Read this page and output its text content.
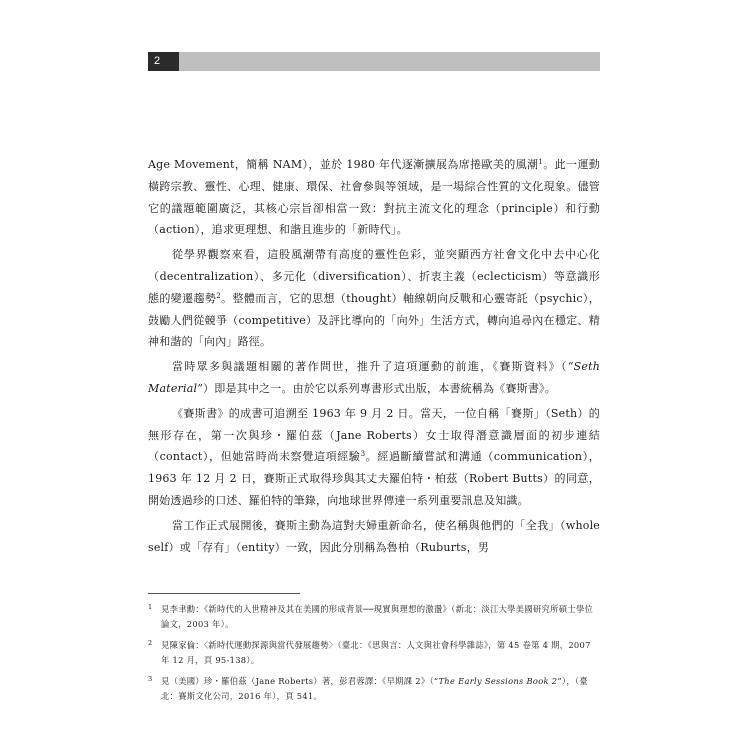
2

Age Movement，簡稱 NAM），並於 1980 年代逐漸擴展為席捲歐美的風潮$^1$。此一運動橫跨宗教、靈性、心理、健康、環保、社會參與等領域，是一場綜合性質的文化現象。儘管它的議題範圍廣泛，其核心宗旨卻相當一致：對抗主流文化的理念（principle）和行動（action），追求更理想、和諧且進步的「新時代」。

從學界觀察來看，這股風潮帶有高度的靈性色彩，並突顯西方社會文化中去中心化（decentralization）、多元化（diversification）、折衷主義（eclecticism）等意識形態的變遷趨勢$^2$。整體而言，它的思想（thought）軸線朝向反戰和心靈寄託（psychic），鼓勵人們從競爭（competitive）及評比導向的「向外」生活方式，轉向追尋內在穩定、精神和諧的「向內」路徑。

當時眾多與議題相關的著作問世，推升了這項運動的前進，《賽斯資料》（“Seth Material”）即是其中之一。由於它以系列專書形式出版，本書統稱為《賽斯書》。

《賽斯書》的成書可追溯至 1963 年 9 月 2 日。當天，一位自稱「賽斯」（Seth）的無形存在，第一次與珍・羅伯茲（Jane Roberts）女士取得潛意識層面的初步連結（contact），但她當時尚未察覺這項經驗$^3$。經過斷續嘗試和溝通（communication），1963 年 12 月 2 日，賽斯正式取得珍與其丈夫羅伯特・柏茲（Robert Butts）的同意，開始透過珍的口述、羅伯特的筆錄，向地球世界傳達一系列重要訊息及知識。

當工作正式展開後，賽斯主動為這對夫婦重新命名，使名稱與他們的「全我」（whole self）或「存有」（entity）一致，因此分別稱為魯柏（Ruburts，男

1 見李聿勳：《新時代的入世精神及其在美國的形成背景──現實與理想的激盪》（新北：淡江大學美國研究所碩士學位論文，2003 年）。
2 見陳家倫：〈新時代運動探源與當代發展趨勢〉（臺北：《思與言：人文與社會科學雜誌》，第 45 卷第 4 期，2007 年 12 月，頁 95-138）。
3 見（美國）珍・羅伯茲（Jane Roberts）著，彭君蓉譯：《早期課 2》（“The Early Sessions Book 2”），（臺北：賽斯文化公司，2016 年），頁 541。
